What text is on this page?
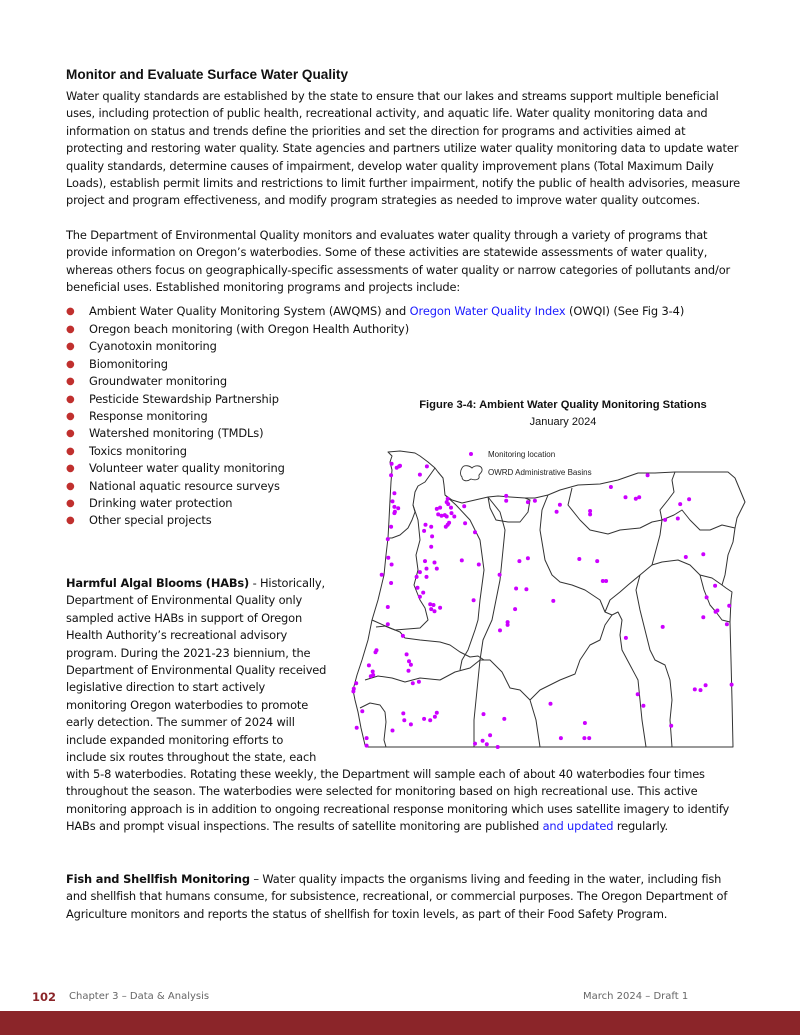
Monitor and Evaluate Surface Water Quality

Water quality standards are established by the state to ensure that our lakes and streams support multiple beneficial uses, including protection of public health, recreational activity, and aquatic life. Water quality monitoring data and information on status and trends define the priorities and set the direction for programs and activities aimed at protecting and restoring water quality. State agencies and partners utilize water quality monitoring data to update water quality standards, determine causes of impairment, develop water quality improvement plans (Total Maximum Daily Loads), establish permit limits and restrictions to limit further impairment, notify the public of health advisories, measure project and program effectiveness, and modify program strategies as needed to improve water quality outcomes.

The Department of Environmental Quality monitors and evaluates water quality through a variety of programs that provide information on Oregon’s waterbodies. Some of these activities are statewide assessments of water quality, whereas others focus on geographically-specific assessments of water quality or narrow categories of pollutants and/or beneficial uses. Established monitoring programs and projects include:

● Ambient Water Quality Monitoring System (AWQMS) and Oregon Water Quality Index (OWQI) (See Fig 3-4)
● Oregon beach monitoring (with Oregon Health Authority)
● Cyanotoxin monitoring
● Biomonitoring
● Groundwater monitoring
● Pesticide Stewardship Partnership
● Response monitoring
● Watershed monitoring (TMDLs)
● Toxics monitoring
● Volunteer water quality monitoring
● National aquatic resource surveys
● Drinking water protection
● Other special projects

Harmful Algal Blooms (HABs) - Historically,

Department of Environmental Quality only

sampled active HABs in support of Oregon

Health Authority’s recreational advisory

program. During the 2021-23 biennium, the

Department of Environmental Quality received

legislative direction to start actively

monitoring Oregon waterbodies to promote

early detection. The summer of 2024 will

include expanded monitoring efforts to

include six routes throughout the state, each

with 5-8 waterbodies. Rotating these weekly, the Department will sample each of about 40 waterbodies four times throughout the season. The waterbodies were selected for monitoring based on high recreational use. This active monitoring approach is in addition to ongoing recreational response monitoring which uses satellite imagery to identify HABs and prompt visual inspections. The results of satellite monitoring are published and updated regularly.

Fish and Shellfish Monitoring – Water quality impacts the organisms living and feeding in the water, including fish and shellfish that humans consume, for subsistence, recreational, or commercial purposes. The Oregon Department of Agriculture monitors and reports the status of shellfish for toxin levels, as part of their Food Safety Program.

Figure 3-4: Ambient Water Quality Monitoring Stations
January 2024
Monitoring location
OWRD Administrative Basins
102 Chapter 3 – Data & Analysis	March 2024 – Draft 1
